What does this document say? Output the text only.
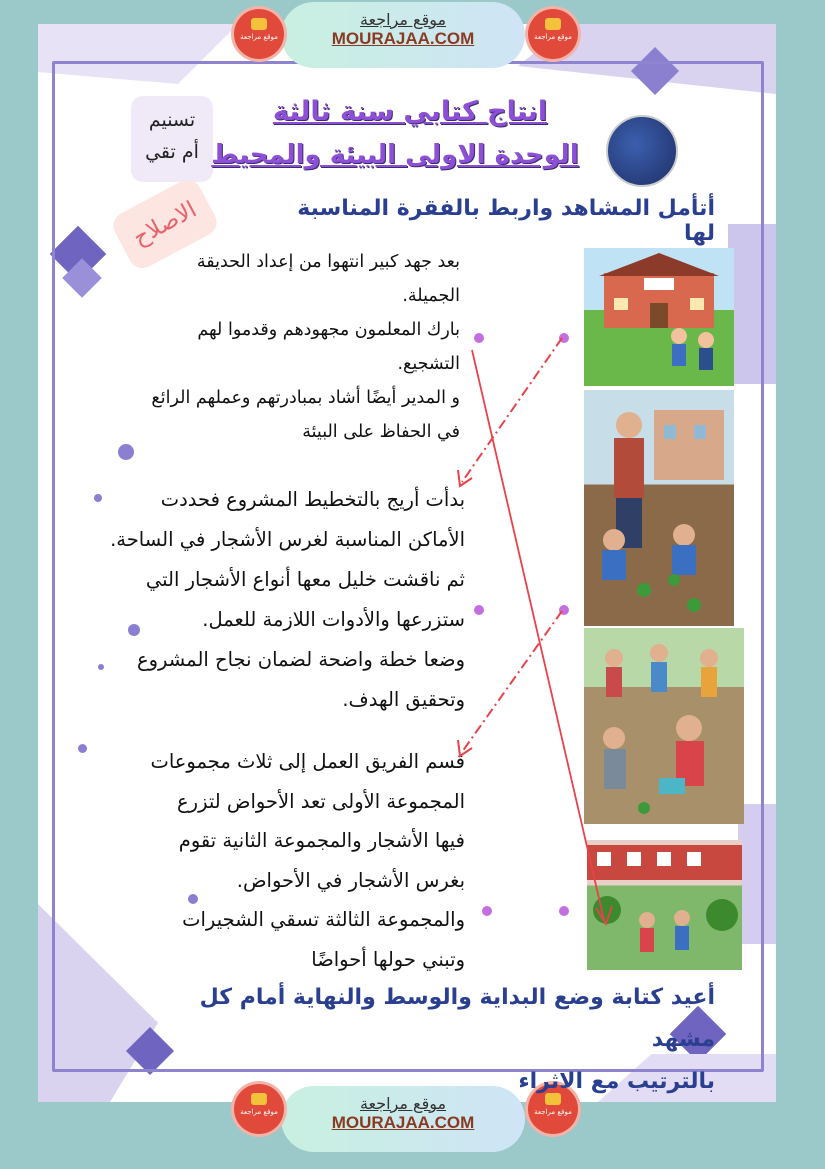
موقع مراجعة
MOURAJAA.COM
موقع مراجعة	موقع مراجعة
موقع مراجعة
MOURAJAA.COM
موقع مراجعة	موقع مراجعة
تسنيم
أم تقي
الاصلاح
انتاج كتابي سنة ثالثة
الوحدة الاولى البيئة والمحيط
أتأمل المشاهد واربط بالفقرة المناسبة لها
بعد جهد كبير انتهوا من إعداد الحديقة
الجميلة.
بارك المعلمون مجهودهم وقدموا لهم
التشجيع.
و المدير أيضًا أشاد بمبادرتهم وعملهم الرائع
في الحفاظ على البيئة
بدأت أريج بالتخطيط المشروع فحددت
الأماكن المناسبة لغرس الأشجار في الساحة.
ثم ناقشت خليل معها أنواع الأشجار التي
ستزرعها والأدوات اللازمة للعمل.
وضعا خطة واضحة لضمان نجاح المشروع
وتحقيق الهدف.
قسم الفريق العمل إلى ثلاث مجموعات
المجموعة الأولى تعد الأحواض لتزرع
فيها الأشجار والمجموعة الثانية تقوم
بغرس الأشجار في الأحواض.
والمجموعة الثالثة تسقي الشجيرات
وتبني حولها أحواضًا
أعيد كتابة وضع البداية والوسط والنهاية أمام كل مشهد
بالترتيب مع الاثراء
